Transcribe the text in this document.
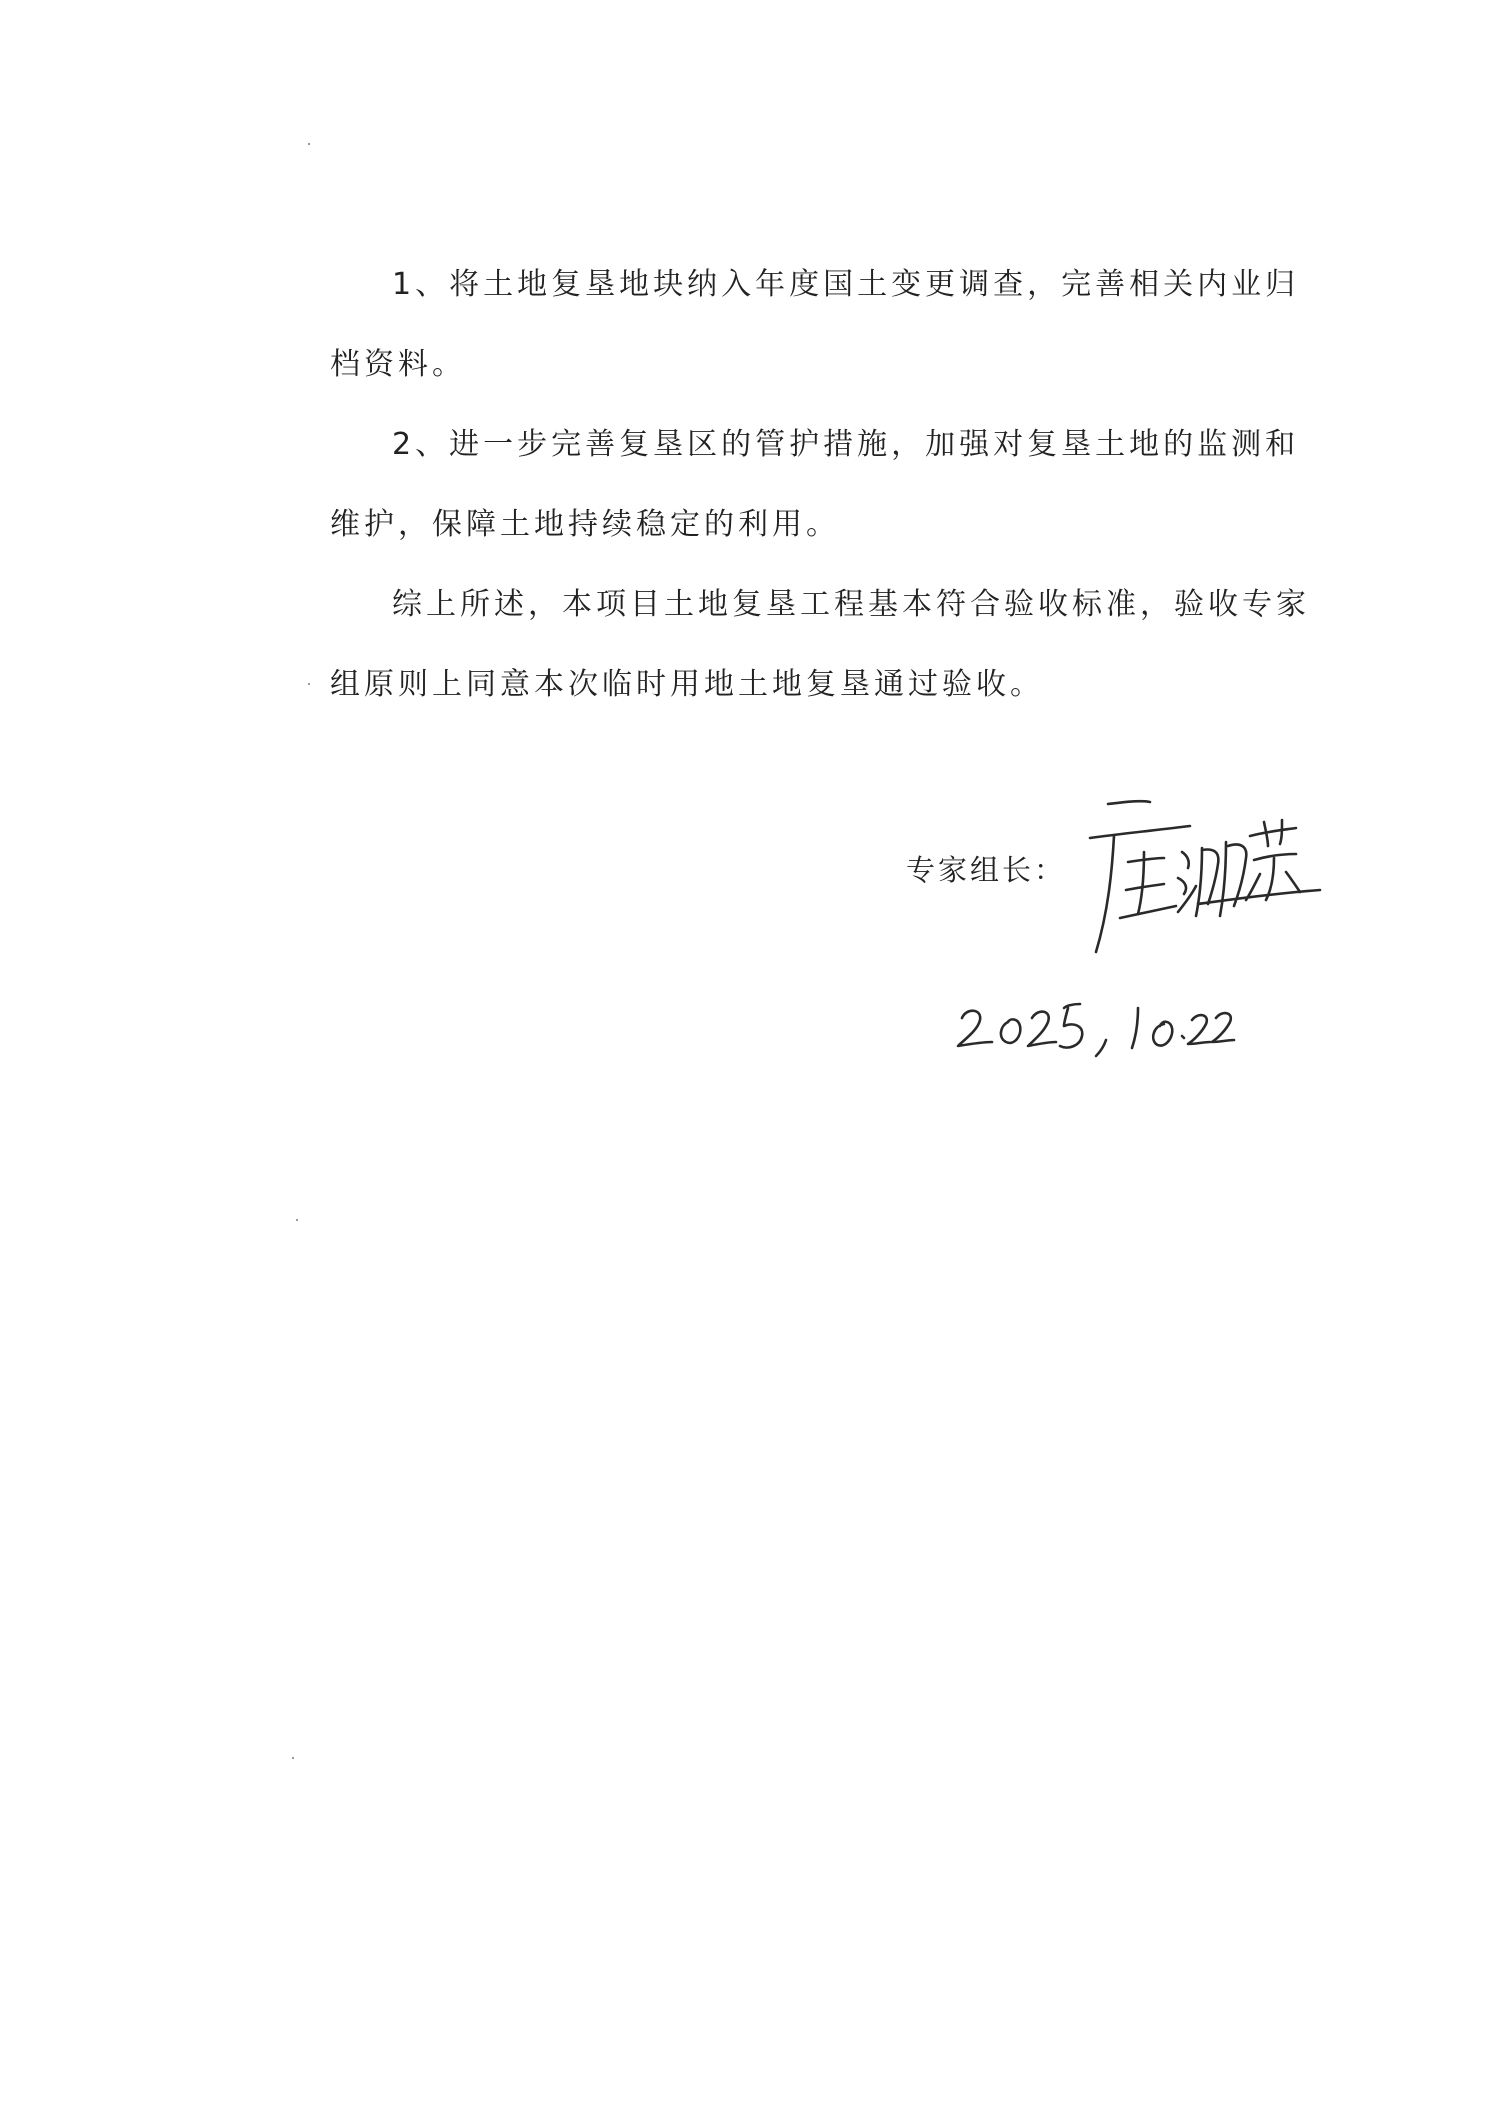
1、将土地复垦地块纳入年度国土变更调查，完善相关内业归档资料。

2、进一步完善复垦区的管护措施，加强对复垦土地的监测和维护，保障土地持续稳定的利用。

综上所述，本项目土地复垦工程基本符合验收标准，验收专家组原则上同意本次临时用地土地复垦通过验收。

专家组长：
